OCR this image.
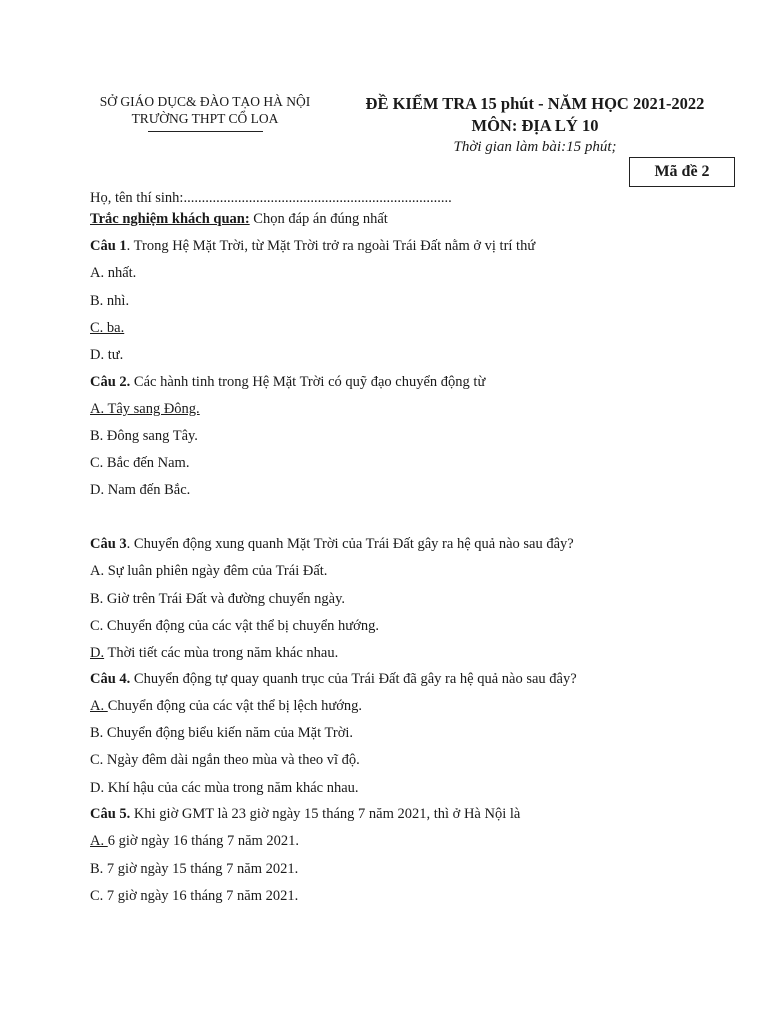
SỞ GIÁO DỤC& ĐÀO TẠO HÀ NỘI
TRƯỜNG THPT CỔ LOA
ĐỀ KIỂM TRA 15 phút - NĂM HỌC 2021-2022
MÔN: ĐỊA LÝ 10
Thời gian làm bài:15 phút;
Mã đề 2
Họ, tên thí sinh:..........................................................................
Trắc nghiệm khách quan: Chọn đáp án đúng nhất
Câu 1. Trong Hệ Mặt Trời, từ Mặt Trời trở ra ngoài Trái Đất nằm ở vị trí thứ
A. nhất.
B. nhì.
C. ba.
D. tư.
Câu 2. Các hành tinh trong Hệ Mặt Trời có quỹ đạo chuyển động từ
A. Tây sang Đông.
B. Đông sang Tây.
C. Bắc đến Nam.
D. Nam đến Bắc.
Câu 3. Chuyển động xung quanh Mặt Trời của Trái Đất gây ra hệ quả nào sau đây?
A. Sự luân phiên ngày đêm của Trái Đất.
B. Giờ trên Trái Đất và đường chuyển ngày.
C. Chuyển động của các vật thể bị chuyển hướng.
D. Thời tiết các mùa trong năm khác nhau.
Câu 4. Chuyển động tự quay quanh trục của Trái Đất đã gây ra hệ quả nào sau đây?
A. Chuyển động của các vật thể bị lệch hướng.
B. Chuyển động biểu kiến năm của Mặt Trời.
C. Ngày đêm dài ngắn theo mùa và theo vĩ độ.
D. Khí hậu của các mùa trong năm khác nhau.
Câu 5. Khi giờ GMT là 23 giờ ngày 15 tháng 7 năm 2021, thì ở Hà Nội là
A. 6 giờ ngày 16 tháng 7 năm 2021.
B. 7 giờ ngày 15 tháng 7 năm 2021.
C. 7 giờ ngày 16 tháng 7 năm 2021.
